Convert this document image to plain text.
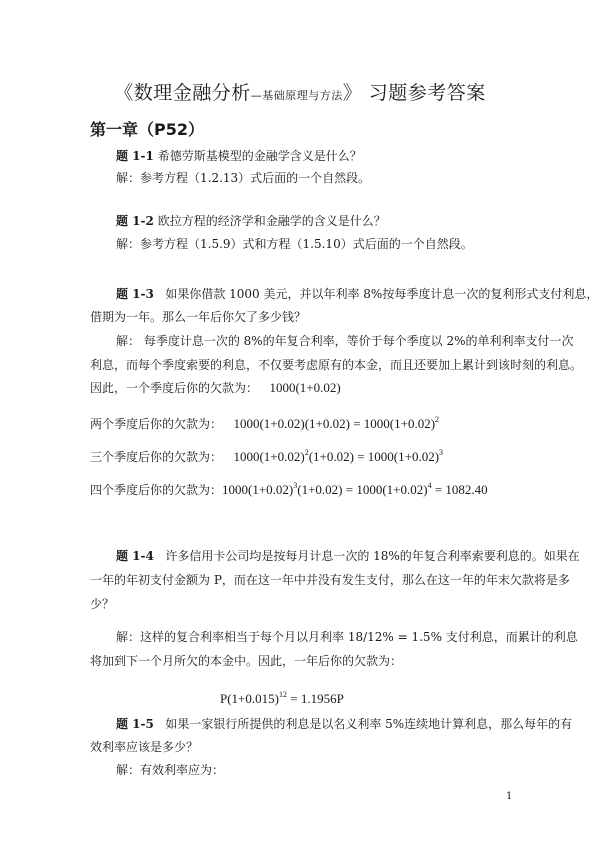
《数理金融分析—基础原理与方法》 习题参考答案
第一章（P52）
题 1-1 希德劳斯基模型的金融学含义是什么？
解：参考方程（1.2.13）式后面的一个自然段。
题 1-2 欧拉方程的经济学和金融学的含义是什么？
解：参考方程（1.5.9）式和方程（1.5.10）式后面的一个自然段。
题 1-3 如果你借款 1000 美元，并以年利率 8%按每季度计息一次的复利形式支付利息，
借期为一年。那么一年后你欠了多少钱？
解： 每季度计息一次的 8%的年复合利率，等价于每个季度以 2%的单利利率支付一次
利息，而每个季度索要的利息，不仅要考虑原有的本金，而且还要加上累计到该时刻的利息。
因此，一个季度后你的欠款为： 1000(1+0.02)
两个季度后你的欠款为： $1000(1+0.02)(1+0.02) = 1000(1+0.02)^2$
三个季度后你的欠款为： $1000(1+0.02)^2(1+0.02) = 1000(1+0.02)^3$
四个季度后你的欠款为：$1000(1+0.02)^3(1+0.02) = 1000(1+0.02)^4 = 1082.40$
题 1-4 许多信用卡公司均是按每月计息一次的 18%的年复合利率索要利息的。如果在
一年的年初支付金额为 P，而在这一年中并没有发生支付，那么在这一年的年末欠款将是多
少？
解：这样的复合利率相当于每个月以月利率 18/12% = 1.5% 支付利息，而累计的利息
将加到下一个月所欠的本金中。因此，一年后你的欠款为：
$P(1+0.015)^{12} = 1.1956P$
题 1-5 如果一家银行所提供的利息是以名义利率 5%连续地计算利息，那么每年的有
效利率应该是多少？
解：有效利率应为：
1
